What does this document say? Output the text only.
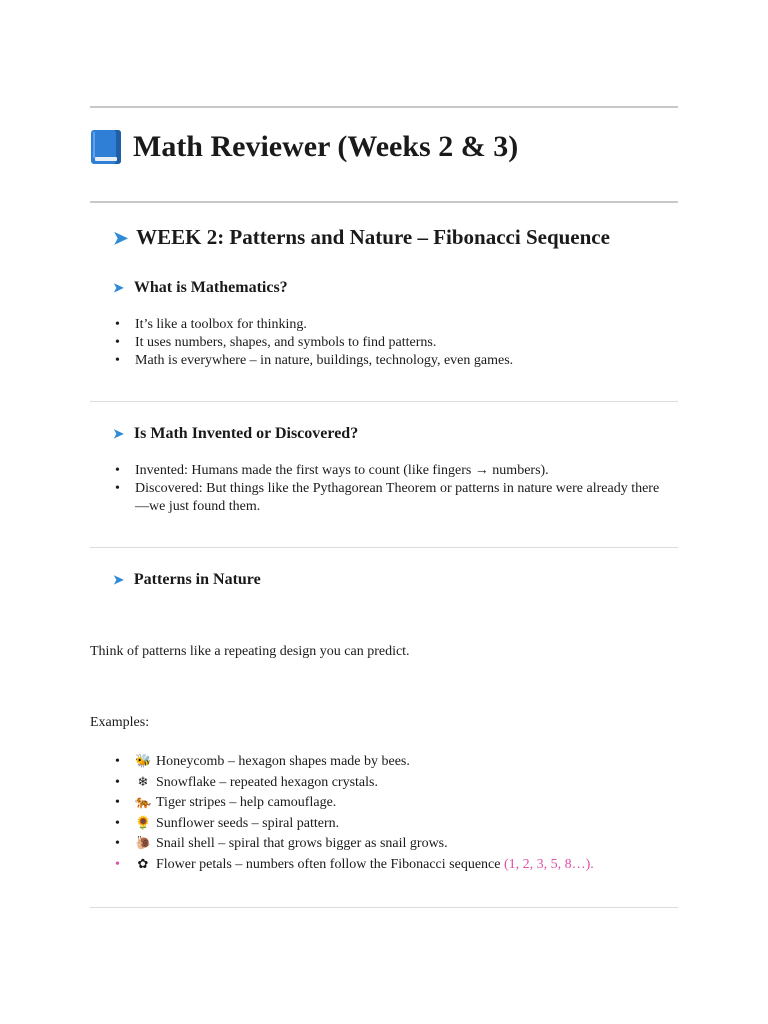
Math Reviewer (Weeks 2 & 3)
➤ WEEK 2: Patterns and Nature – Fibonacci Sequence
➤ What is Mathematics?
• It’s like a toolbox for thinking.
• It uses numbers, shapes, and symbols to find patterns.
• Math is everywhere – in nature, buildings, technology, even games.
➤ Is Math Invented or Discovered?
• Invented: Humans made the first ways to count (like fingers → numbers).
• Discovered: But things like the Pythagorean Theorem or patterns in nature were already there—we just found them.
➤ Patterns in Nature
Think of patterns like a repeating design you can predict.
Examples:
• 🐝 Honeycomb – hexagon shapes made by bees.
• ❄ Snowflake – repeated hexagon crystals.
• 🐅 Tiger stripes – help camouflage.
• 🌻 Sunflower seeds – spiral pattern.
• 🐌 Snail shell – spiral that grows bigger as snail grows.
• ✿ Flower petals – numbers often follow the Fibonacci sequence (1, 2, 3, 5, 8…).
